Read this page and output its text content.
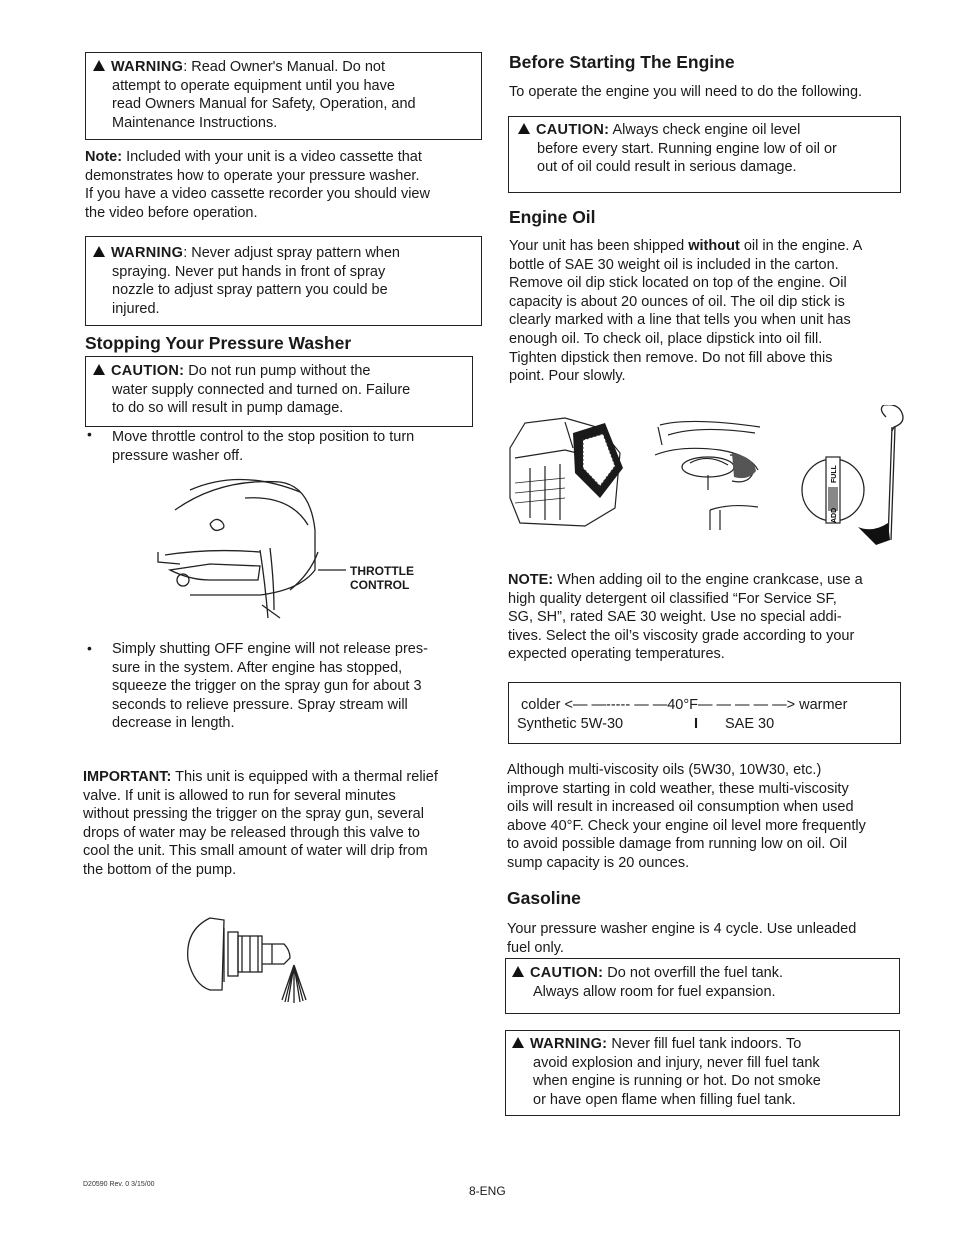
WARNING: Read Owner's Manual. Do not
attempt to operate equipment until you have
read Owners Manual for Safety, Operation, and
Maintenance Instructions.
Note: Included with your unit is a video cassette that
demonstrates how to operate your pressure washer.
If you have a video cassette recorder you should view
the video before operation.
WARNING: Never adjust spray pattern when
spraying. Never put hands in front of spray
nozzle to adjust spray pattern you could be
injured.
Stopping Your Pressure Washer
CAUTION: Do not run pump without the
water supply connected and turned on. Failure
to do so will result in pump damage.
• Move throttle control to the stop position to turn
pressure washer off.
THROTTLE
CONTROL
• Simply shutting OFF engine will not release pres-
sure in the system. After engine has stopped,
squeeze the trigger on the spray gun for about 3
seconds to relieve pressure. Spray stream will
decrease in length.
IMPORTANT: This unit is equipped with a thermal relief
valve. If unit is allowed to run for several minutes
without pressing the trigger on the spray gun, several
drops of water may be released through this valve to
cool the unit. This small amount of water will drip from
the bottom of the pump.
Before Starting The Engine
To operate the engine you will need to do the following.
CAUTION: Always check engine oil level
before every start. Running engine low of oil or
out of oil could result in serious damage.
Engine Oil
Your unit has been shipped without oil in the engine. A
bottle of SAE 30 weight oil is included in the carton.
Remove oil dip stick located on top of the engine. Oil
capacity is about 20 ounces of oil. The oil dip stick is
clearly marked with a line that tells you when unit has
enough oil. To check oil, place dipstick into oil fill.
Tighten dipstick then remove. Do not fill above this
point. Pour slowly.
FULL
ADD
NOTE: When adding oil to the engine crankcase, use a
high quality detergent oil classified “For Service SF,
SG, SH”, rated SAE 30 weight. Use no special addi-
tives. Select the oil’s viscosity grade according to your
expected operating temperatures.
colder <— —----- — —40°F— — — — —> warmer
Synthetic 5W-30	I SAE 30
Although multi-viscosity oils (5W30, 10W30, etc.)
improve starting in cold weather, these multi-viscosity
oils will result in increased oil consumption when used
above 40°F. Check your engine oil level more frequently
to avoid possible damage from running low on oil. Oil
sump capacity is 20 ounces.
Gasoline
Your pressure washer engine is 4 cycle. Use unleaded
fuel only.
CAUTION: Do not overfill the fuel tank.
Always allow room for fuel expansion.
WARNING: Never fill fuel tank indoors. To
avoid explosion and injury, never fill fuel tank
when engine is running or hot. Do not smoke
or have open flame when filling fuel tank.
D20590 Rev. 0 3/15/00	8-ENG
